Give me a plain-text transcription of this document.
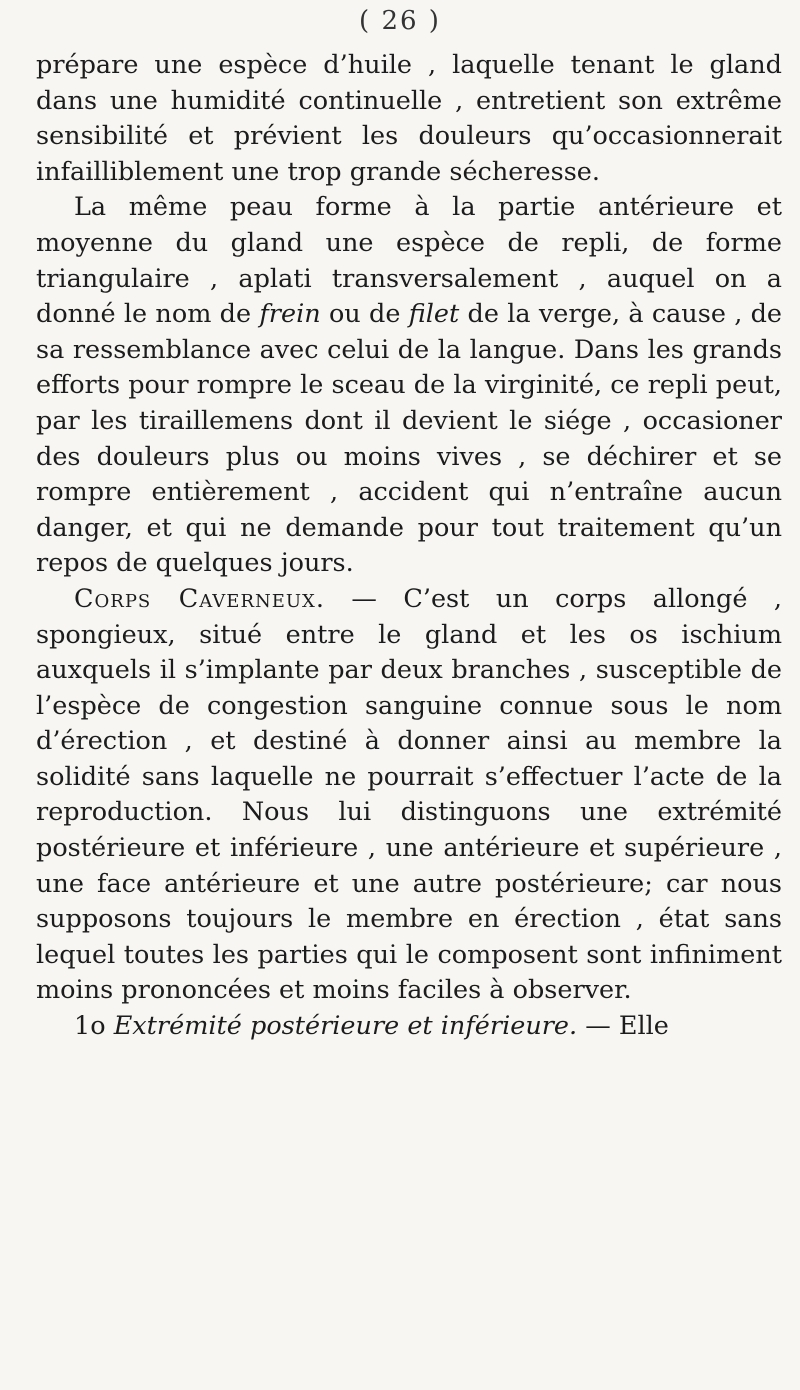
( 26 )

prépare une espèce d’huile , laquelle tenant le gland dans une humidité continuelle , entretient son extrême sensibilité et prévient les douleurs qu’occasionnerait infailliblement une trop grande sécheresse.

La même peau forme à la partie antérieure et moyenne du gland une espèce de repli, de forme triangulaire , aplati transversalement , auquel on a donné le nom de frein ou de filet de la verge, à cause , de sa ressemblance avec celui de la langue. Dans les grands efforts pour rompre le sceau de la virginité, ce repli peut, par les tiraillemens dont il devient le siége , occasioner des douleurs plus ou moins vives , se déchirer et se rompre entièrement , accident qui n’entraîne aucun danger, et qui ne demande pour tout traitement qu’un repos de quelques jours.

Corps Caverneux. — C’est un corps allongé , spongieux, situé entre le gland et les os ischium auxquels il s’implante par deux branches , susceptible de l’espèce de congestion sanguine connue sous le nom d’érection , et destiné à donner ainsi au membre la solidité sans laquelle ne pourrait s’effectuer l’acte de la reproduction. Nous lui distinguons une extrémité postérieure et inférieure , une antérieure et supérieure , une face antérieure et une autre postérieure; car nous supposons toujours le membre en érection , état sans lequel toutes les parties qui le composent sont infiniment moins prononcées et moins faciles à observer.

1o Extrémité postérieure et inférieure. — Elle
